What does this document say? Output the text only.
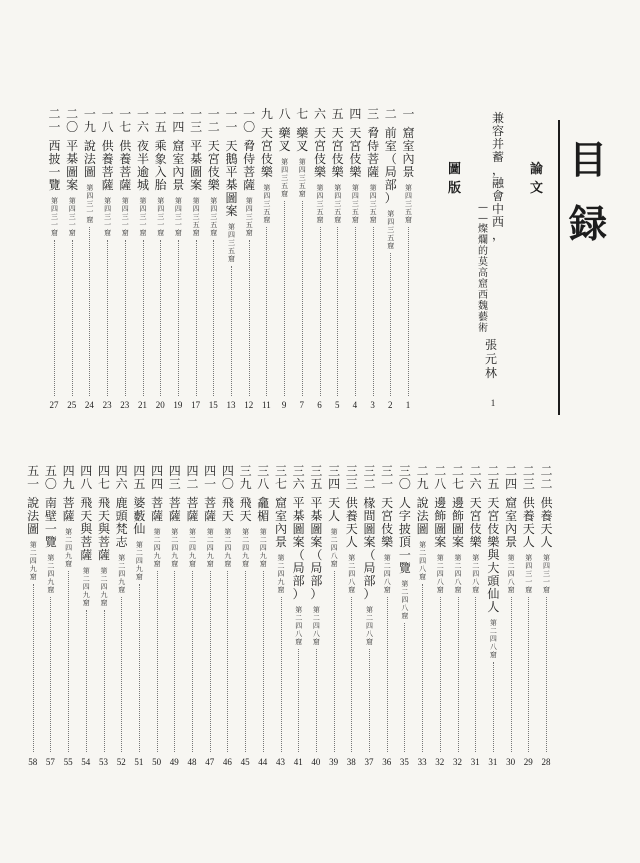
目
録
論
文
兼
容
并
蓄
，
融
會
中
西
，
—
—
燦
爛
的
莫
高
窟
西
魏
藝
術
張
元
林
1
圖
版
一
窟
室
內
景
第
四
三
五
窟
1
二
前
室
（
局
部
）
第
四
三
五
窟
2
三
脅
侍
菩
薩
第
四
三
五
窟
3
四
天
宮
伎
樂
第
四
三
五
窟
4
五
天
宮
伎
樂
第
四
三
五
窟
5
六
天
宮
伎
樂
第
四
三
五
窟
6
七
藥
叉
第
四
三
五
窟
7
八
藥
叉
第
四
三
五
窟
9
九
天
宮
伎
樂
第
四
三
五
窟
11
一
〇
脅
侍
菩
薩
第
四
三
五
窟
12
一
一
天
鵝
平
棊
圖
案
第
四
三
五
窟
13
一
二
天
宮
伎
樂
第
四
三
五
窟
15
一
三
平
棊
圖
案
第
四
三
五
窟
17
一
四
窟
室
內
景
第
四
三
一
窟
19
一
五
乘
象
入
胎
第
四
三
一
窟
20
一
六
夜
半
逾
城
第
四
三
一
窟
21
一
七
供
養
菩
薩
第
四
三
一
窟
23
一
八
供
養
菩
薩
第
四
三
一
窟
23
一
九
說
法
圖
第
四
三
一
窟
24
二
〇
平
棊
圖
案
第
四
三
一
窟
25
二
一
西
披
一
覽
第
四
三
一
窟
27
二
二
供
養
天
人
第
四
三
一
窟
28
二
三
供
養
天
人
第
四
三
一
窟
29
二
四
窟
室
內
景
第
二
四
八
窟
30
二
五
天
宮
伎
樂
與
大
頭
仙
人
第
二
四
八
窟
31
二
六
天
宮
伎
樂
第
二
四
八
窟
31
二
七
邊
飾
圖
案
第
二
四
八
窟
32
二
八
邊
飾
圖
案
第
二
四
八
窟
32
二
九
說
法
圖
第
二
四
八
窟
33
三
〇
人
字
披
頂
一
覽
第
二
四
八
窟
35
三
一
天
宮
伎
樂
第
二
四
八
窟
36
三
二
椽
間
圖
案
（
局
部
）
第
二
四
八
窟
37
三
三
供
養
天
人
第
二
四
八
窟
38
三
四
天
人
第
二
四
八
窟
39
三
五
平
棊
圖
案
（
局
部
）
第
二
四
八
窟
40
三
六
平
棊
圖
案
（
局
部
）
第
二
四
八
窟
41
三
七
窟
室
內
景
第
二
四
九
窟
43
三
八
龕
楣
第
二
四
九
窟
44
三
九
飛
天
第
二
四
九
窟
45
四
〇
飛
天
第
二
四
九
窟
46
四
一
菩
薩
第
二
四
九
窟
47
四
二
菩
薩
第
二
四
九
窟
48
四
三
菩
薩
第
二
四
九
窟
49
四
四
菩
薩
第
二
四
九
窟
50
四
五
婆
藪
仙
第
二
四
九
窟
51
四
六
鹿
頭
梵
志
第
二
四
九
窟
52
四
七
飛
天
與
菩
薩
第
二
四
九
窟
53
四
八
飛
天
與
菩
薩
第
二
四
九
窟
54
四
九
菩
薩
第
二
四
九
窟
55
五
〇
南
壁
一
覽
第
二
四
九
窟
57
五
一
說
法
圖
第
二
四
九
窟
58
